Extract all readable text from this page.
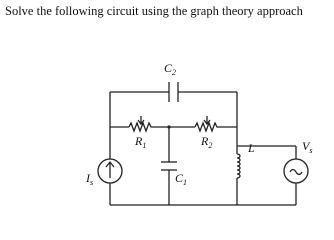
Solve the following circuit using the graph theory approach
$C_2$
$R_1$	$R_2$
$C_1$
L	$V_s$
$I_s$
